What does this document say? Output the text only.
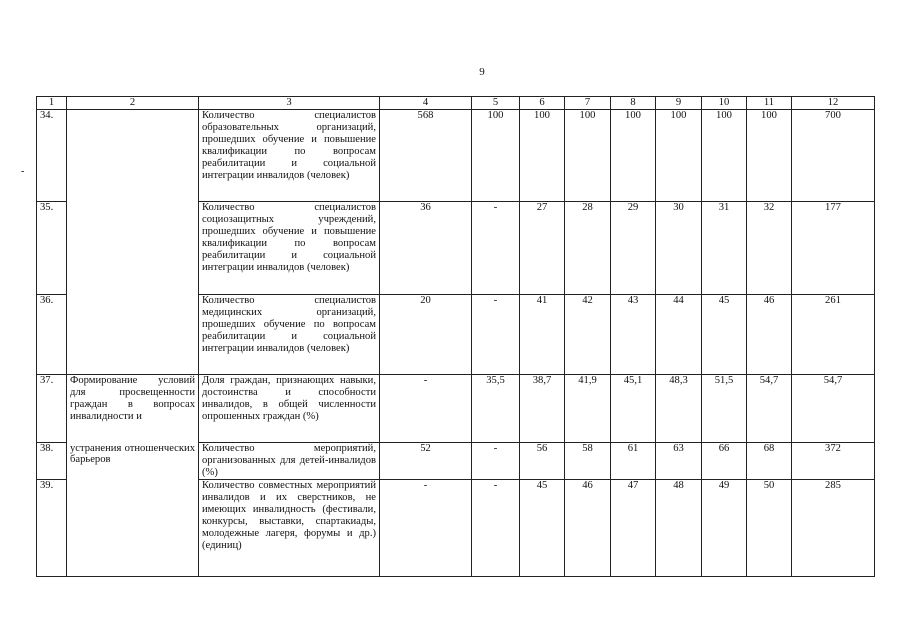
9
-
1	2	3	4	5	6	7	8	9	10	11	12
34.		Количество специалистов образовательных организаций, прошедших обучение и повышение квалификации по вопросам реабилитации и социальной интеграции инвалидов (человек)	568	100	100	100	100	100	100	100	700
35.		Количество специалистов социозащитных учреждений, прошедших обучение и повышение квалификации по вопросам реабилитации и социальной интеграции инвалидов (человек)	36	-	27	28	29	30	31	32	177
36.		Количество специалистов медицинских организаций, прошедших обучение по вопросам реабилитации и социальной интеграции инвалидов (человек)	20	-	41	42	43	44	45	46	261
37.	Формирование условий для просвещенности граждан в вопросах инвалидности и	Доля граждан, признающих навыки, достоинства и способности инвалидов, в общей численности опрошенных граждан (%)	-	35,5	38,7	41,9	45,1	48,3	51,5	54,7	54,7
38.	устранения отношенческих барьеров	Количество мероприятий, организованных для детей-инвалидов (%)	52	-	56	58	61	63	66	68	372
39.		Количество совместных мероприятий инвалидов и их сверстников, не имеющих инвалидность (фестивали, конкурсы, выставки, спартакиады, молодежные лагеря, форумы и др.) (единиц)	-	-	45	46	47	48	49	50	285
